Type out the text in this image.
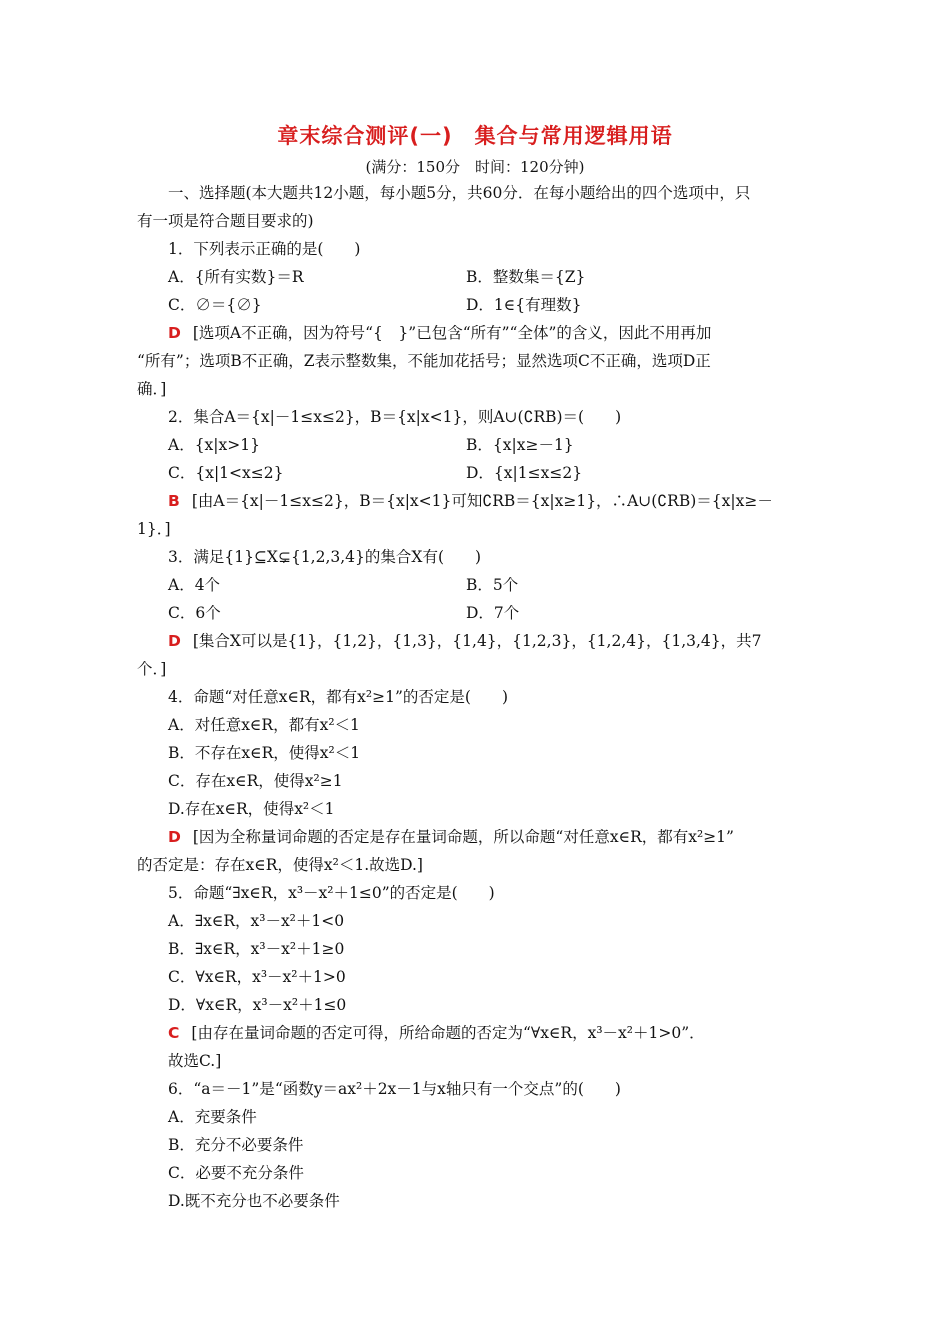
章末综合测评(一)　集合与常用逻辑用语
(满分：150分　时间：120分钟)
一、选择题(本大题共12小题，每小题5分，共60分．在每小题给出的四个选项中，只
有一项是符合题目要求的)
1．下列表示正确的是(　　)
A．{所有实数}＝R	B．整数集＝{Z}
C．∅＝{∅}	D．1∈{有理数}
D [选项A不正确，因为符号“{　}”已包含“所有”“全体”的含义，因此不用再加
“所有”；选项B不正确，Z表示整数集，不能加花括号；显然选项C不正确，选项D正
确．]
2．集合A＝{x|－1≤x≤2}，B＝{x|x<1}，则A∪(∁RB)＝(　　)
A．{x|x>1}	B．{x|x≥－1}
C．{x|1<x≤2}	D．{x|1≤x≤2}
B [由A＝{x|－1≤x≤2}，B＝{x|x<1}可知∁RB＝{x|x≥1}，∴A∪(∁RB)＝{x|x≥－
1}．]
3．满足{1}⊆X⊊{1,2,3,4}的集合X有(　　)
A．4个	B．5个
C．6个	D．7个
D [集合X可以是{1}，{1,2}，{1,3}，{1,4}，{1,2,3}，{1,2,4}，{1,3,4}，共7
个．]
4．命题“对任意x∈R，都有x²≥1”的否定是(　　)
A．对任意x∈R，都有x²＜1
B．不存在x∈R，使得x²＜1
C．存在x∈R，使得x²≥1
D.存在x∈R，使得x²＜1
D [因为全称量词命题的否定是存在量词命题，所以命题“对任意x∈R，都有x²≥1”
的否定是：存在x∈R，使得x²＜1.故选D.]
5．命题“∃x∈R，x³－x²＋1≤0”的否定是(　　)
A．∃x∈R，x³－x²＋1<0
B．∃x∈R，x³－x²＋1≥0
C．∀x∈R，x³－x²＋1>0
D．∀x∈R，x³－x²＋1≤0
C [由存在量词命题的否定可得，所给命题的否定为“∀x∈R，x³－x²＋1>0”．
故选C.]
6．“a＝－1”是“函数y＝ax²＋2x－1与x轴只有一个交点”的(　　)
A．充要条件
B．充分不必要条件
C．必要不充分条件
D.既不充分也不必要条件
